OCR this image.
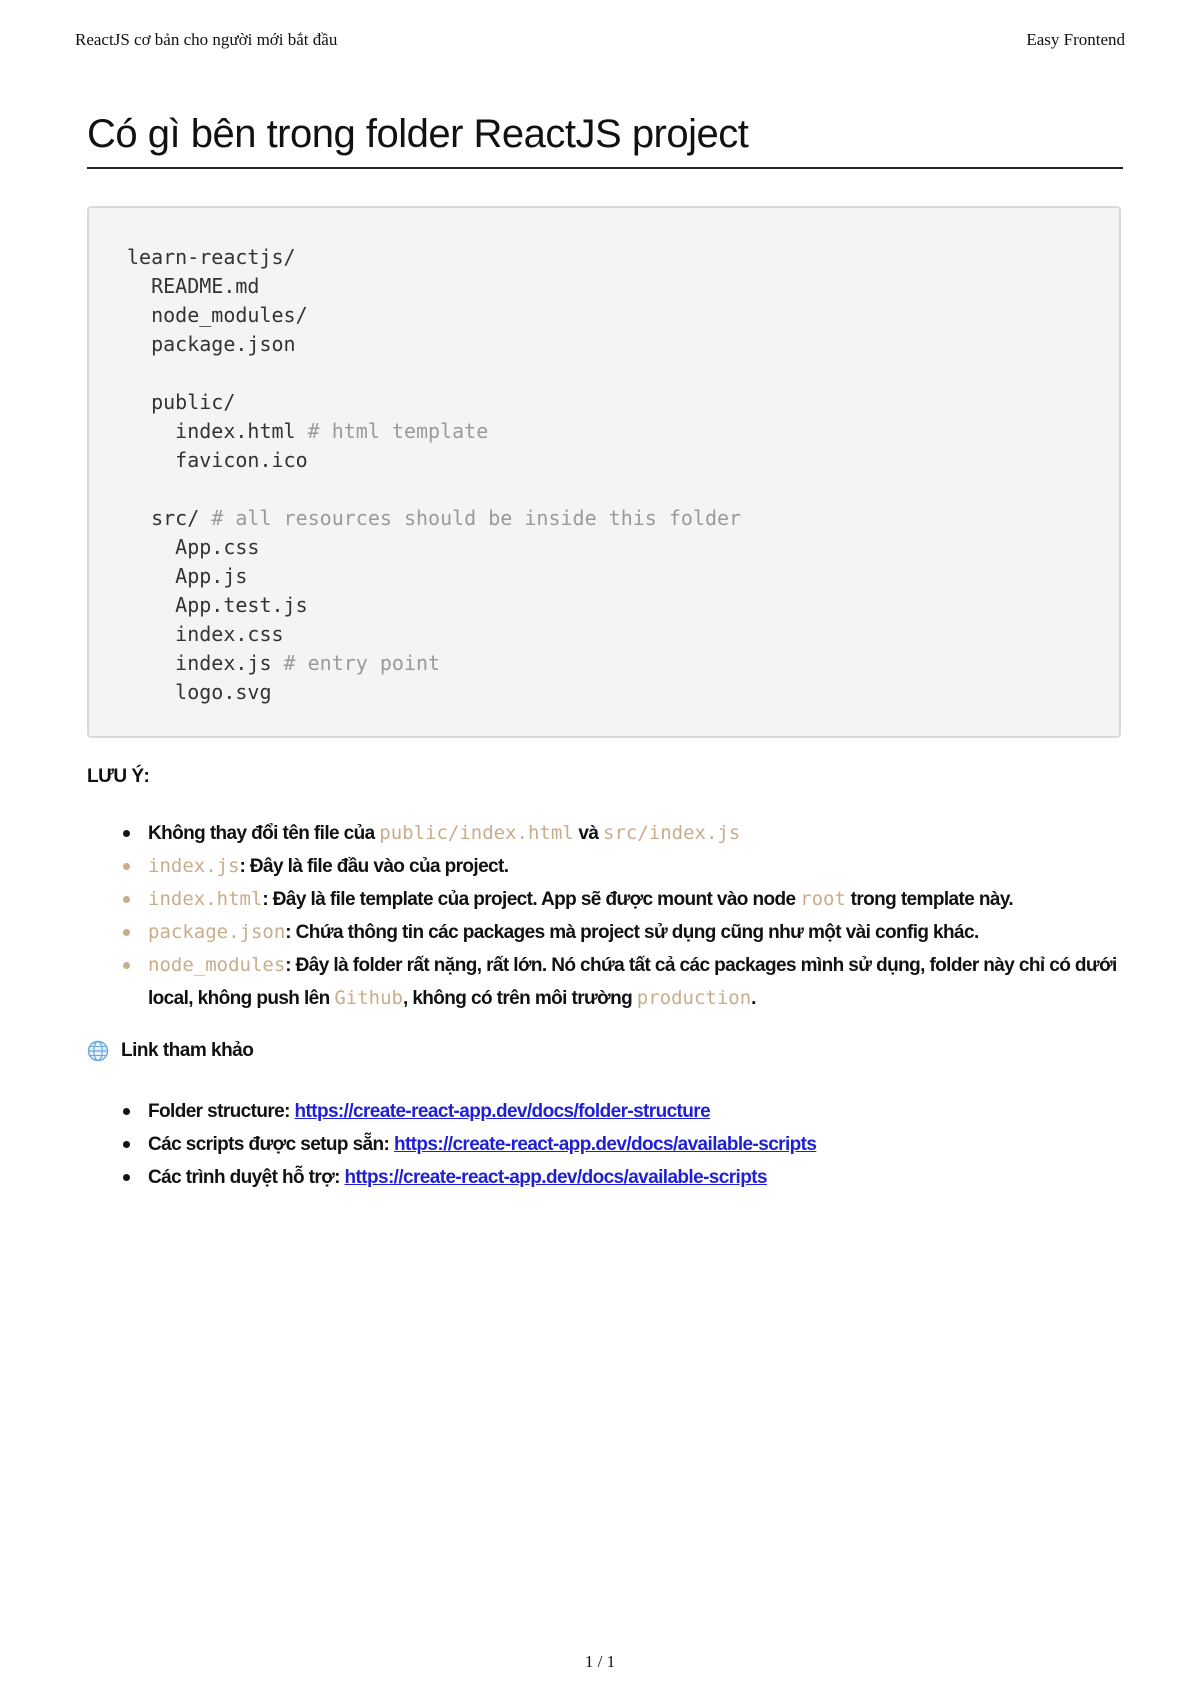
ReactJS cơ bản cho người mới bắt đầu	Easy Frontend
Có gì bên trong folder ReactJS project
learn-reactjs/
README.md
node_modules/
package.json
public/
index.html # html template
favicon.ico
src/ # all resources should be inside this folder
App.css
App.js
App.test.js
index.css
index.js # entry point
logo.svg
LƯU Ý:
Không thay đổi tên file của public/index.html và src/index.js
index.js: Đây là file đầu vào của project.
index.html: Đây là file template của project. App sẽ được mount vào node root trong template này.
package.json: Chứa thông tin các packages mà project sử dụng cũng như một vài config khác.
node_modules: Đây là folder rất nặng, rất lớn. Nó chứa tất cả các packages mình sử dụng, folder này chỉ có dưới local, không push lên Github, không có trên môi trường production.
Link tham khảo
Folder structure: https://create-react-app.dev/docs/folder-structure
Các scripts được setup sẵn: https://create-react-app.dev/docs/available-scripts
Các trình duyệt hỗ trợ: https://create-react-app.dev/docs/available-scripts
1 / 1
